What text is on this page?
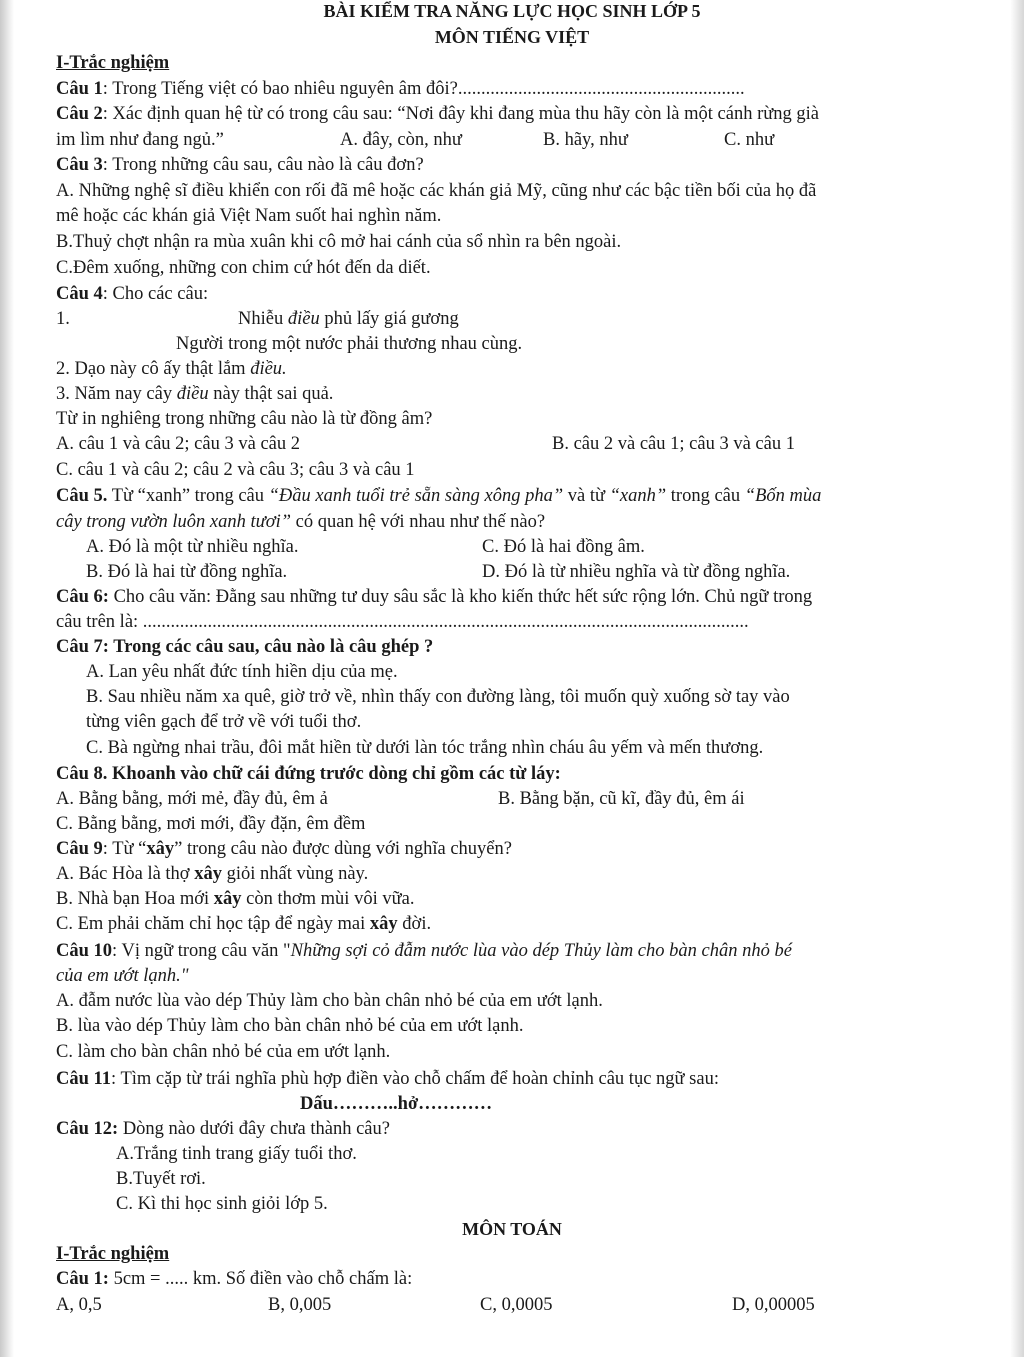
BÀI KIỂM TRA NĂNG LỰC HỌC SINH LỚP 5
MÔN TIẾNG VIỆT
I-Trắc nghiệm
Câu 1: Trong Tiếng việt có bao nhiêu nguyên âm đôi?..............................................................
Câu 2: Xác định quan hệ từ có trong câu sau: “Nơi đây khi đang mùa thu hãy còn là một cánh rừng già
im lìm như đang ngủ.”	A. đây, còn, như	B. hãy, như	C. như
Câu 3: Trong những câu sau, câu nào là câu đơn?
A. Những nghệ sĩ điều khiển con rối đã mê hoặc các khán giả Mỹ, cũng như các bậc tiền bối của họ đã
mê hoặc các khán giả Việt Nam suốt hai nghìn năm.
B.Thuỷ chợt nhận ra mùa xuân khi cô mở hai cánh của sổ nhìn ra bên ngoài.
C.Đêm xuống, những con chim cứ hót đến da diết.
Câu 4: Cho các câu:
1.	Nhiễu điều phủ lấy giá gương
Người trong một nước phải thương nhau cùng.
2. Dạo này cô ấy thật lắm điều.
3. Năm nay cây điều này thật sai quả.
Từ in nghiêng trong những câu nào là từ đồng âm?
A. câu 1 và câu 2; câu 3 và câu 2	B. câu 2 và câu 1; câu 3 và câu 1
C. câu 1 và câu 2; câu 2 và câu 3; câu 3 và câu 1
Câu 5. Từ “xanh” trong câu “Đầu xanh tuổi trẻ sẵn sàng xông pha” và từ “xanh” trong câu “Bốn mùa
cây trong vườn luôn xanh tươi” có quan hệ với nhau như thế nào?
A. Đó là một từ nhiều nghĩa.	C. Đó là hai đồng âm.
B. Đó là hai từ đồng nghĩa.	D. Đó là từ nhiều nghĩa và từ đồng nghĩa.
Câu 6: Cho câu văn: Đằng sau những tư duy sâu sắc là kho kiến thức hết sức rộng lớn. Chủ ngữ trong
câu trên là: ...................................................................................................................................
Câu 7: Trong các câu sau, câu nào là câu ghép ?
A. Lan yêu nhất đức tính hiền dịu của mẹ.
B. Sau nhiều năm xa quê, giờ trở về, nhìn thấy con đường làng, tôi muốn quỳ xuống sờ tay vào
từng viên gạch để trở về với tuổi thơ.
C. Bà ngừng nhai trầu, đôi mắt hiền từ dưới làn tóc trắng nhìn cháu âu yếm và mến thương.
Câu 8. Khoanh vào chữ cái đứng trước dòng chỉ gồm các từ láy:
A. Bằng bằng, mới mẻ, đầy đủ, êm ả	B. Bằng bặn, cũ kĩ, đầy đủ, êm ái
C. Bằng bằng, mơi mới, đầy đặn, êm đềm
Câu 9: Từ “xây” trong câu nào được dùng với nghĩa chuyển?
A. Bác Hòa là thợ xây giỏi nhất vùng này.
B. Nhà bạn Hoa mới xây còn thơm mùi vôi vữa.
C. Em phải chăm chỉ học tập để ngày mai xây đời.
Câu 10: Vị ngữ trong câu văn "Những sợi cỏ đẫm nước lùa vào dép Thủy làm cho bàn chân nhỏ bé
của em ướt lạnh."
A. đẫm nước lùa vào dép Thủy làm cho bàn chân nhỏ bé của em ướt lạnh.
B. lùa vào dép Thủy làm cho bàn chân nhỏ bé của em ướt lạnh.
C. làm cho bàn chân nhỏ bé của em ướt lạnh.
Câu 11: Tìm cặp từ trái nghĩa phù hợp điền vào chỗ chấm để hoàn chỉnh câu tục ngữ sau:
Dấu………..hở…………
Câu 12: Dòng nào dưới đây chưa thành câu?
A.Trắng tinh trang giấy tuổi thơ.
B.Tuyết rơi.
C. Kì thi học sinh giỏi lớp 5.
MÔN TOÁN
I-Trắc nghiệm
Câu 1: 5cm = ..... km. Số điền vào chỗ chấm là:
A, 0,5	B, 0,005	C, 0,0005	D, 0,00005
